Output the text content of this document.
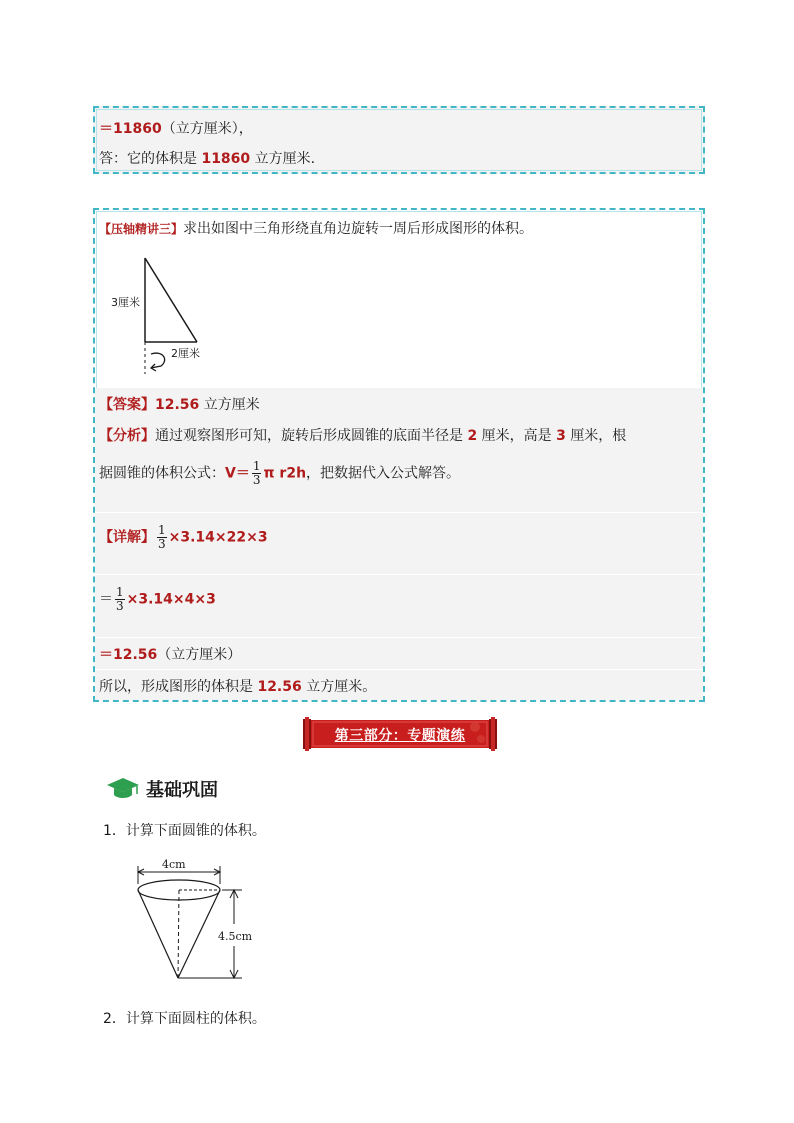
＝11860（立方厘米），
答：它的体积是 11860 立方厘米.
【压轴精讲三】求出如图中三角形绕直角边旋转一周后形成图形的体积。
3厘米
2厘米
【答案】12.56 立方厘米
【分析】通过观察图形可知，旋转后形成圆锥的底面半径是 2 厘米，高是 3 厘米，根
据圆锥的体积公式：$V= \frac{1}{3}$ π r2h，把数据代入公式解答。
【详解】 $\frac{1}{3} \times 3.14\times 22\times 3$
＝ $\frac{1}{3} \times 3.14\times 4\times 3$
＝12.56（立方厘米）
所以，形成图形的体积是 12.56 立方厘米。
第三部分：专题演练
基础巩固
1．计算下面圆锥的体积。
4cm
4.5cm
2．计算下面圆柱的体积。
